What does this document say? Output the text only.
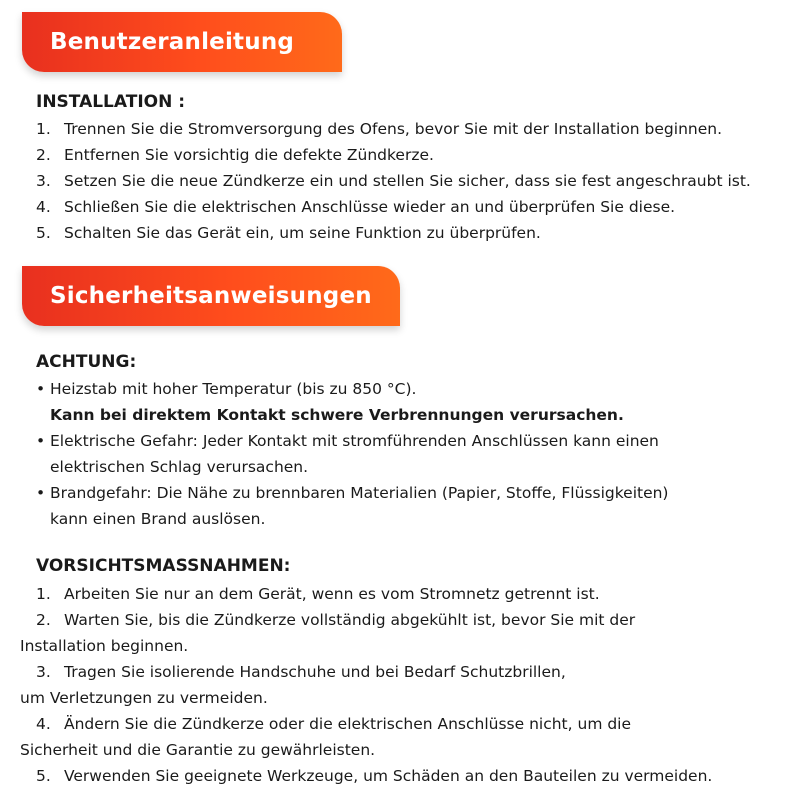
Benutzeranleitung
INSTALLATION :
1. Trennen Sie die Stromversorgung des Ofens, bevor Sie mit der Installation beginnen.
2. Entfernen Sie vorsichtig die defekte Zündkerze.
3. Setzen Sie die neue Zündkerze ein und stellen Sie sicher, dass sie fest angeschraubt ist.
4. Schließen Sie die elektrischen Anschlüsse wieder an und überprüfen Sie diese.
5. Schalten Sie das Gerät ein, um seine Funktion zu überprüfen.
Sicherheitsanweisungen
ACHTUNG:
• Heizstab mit hoher Temperatur (bis zu 850 °C).
Kann bei direktem Kontakt schwere Verbrennungen verursachen.
• Elektrische Gefahr: Jeder Kontakt mit stromführenden Anschlüssen kann einen
elektrischen Schlag verursachen.
• Brandgefahr: Die Nähe zu brennbaren Materialien (Papier, Stoffe, Flüssigkeiten)
kann einen Brand auslösen.
VORSICHTSMASSNAHMEN:
1. Arbeiten Sie nur an dem Gerät, wenn es vom Stromnetz getrennt ist.
2. Warten Sie, bis die Zündkerze vollständig abgekühlt ist, bevor Sie mit der
Installation beginnen.
3. Tragen Sie isolierende Handschuhe und bei Bedarf Schutzbrillen,
um Verletzungen zu vermeiden.
4. Ändern Sie die Zündkerze oder die elektrischen Anschlüsse nicht, um die
Sicherheit und die Garantie zu gewährleisten.
5. Verwenden Sie geeignete Werkzeuge, um Schäden an den Bauteilen zu vermeiden.
